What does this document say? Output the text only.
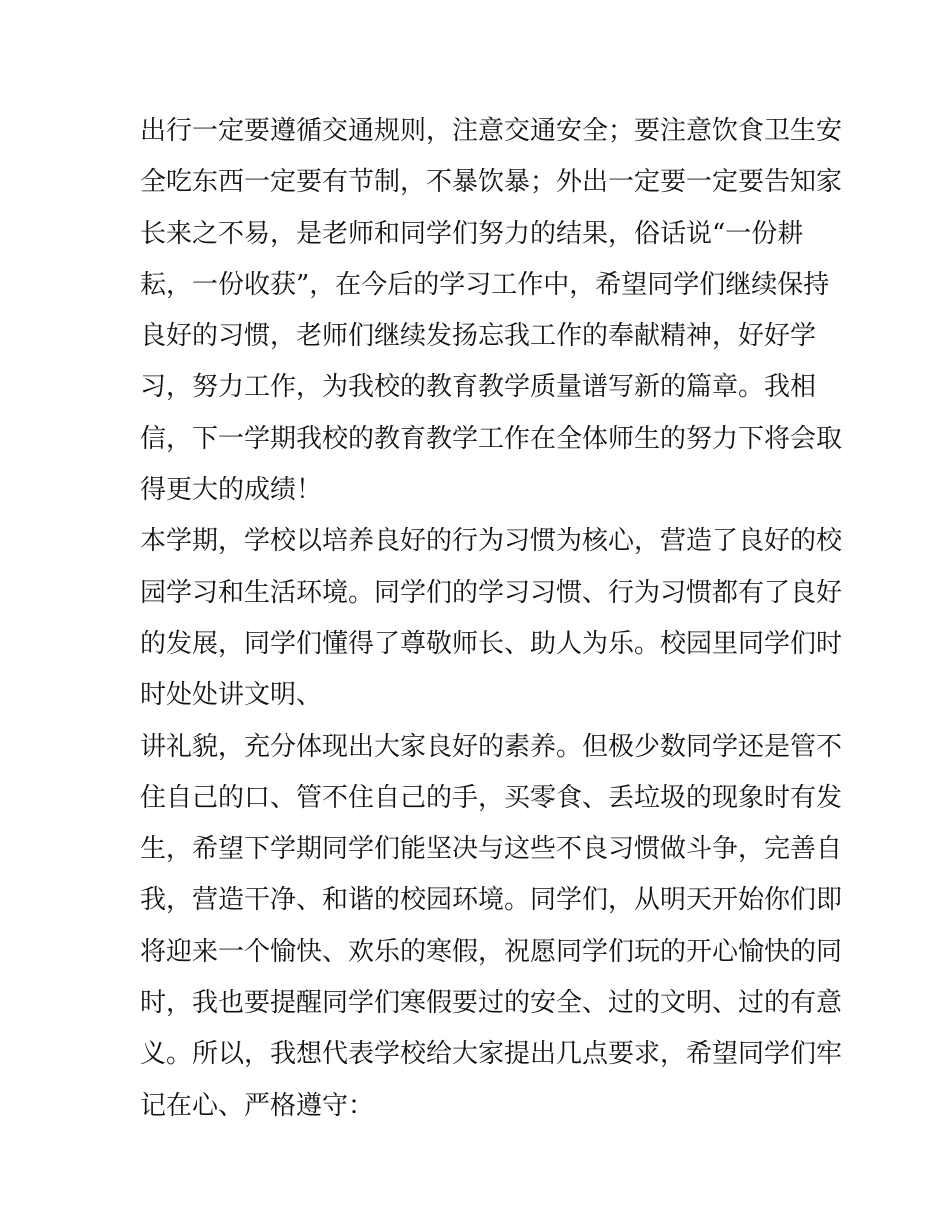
出行一定要遵循交通规则，注意交通安全；要注意饮食卫生安
全吃东西一定要有节制，不暴饮暴；外出一定要一定要告知家
长来之不易，是老师和同学们努力的结果，俗话说“一份耕
耘，一份收获”，在今后的学习工作中，希望同学们继续保持
良好的习惯，老师们继续发扬忘我工作的奉献精神，好好学
习，努力工作，为我校的教育教学质量谱写新的篇章。我相
信，下一学期我校的教育教学工作在全体师生的努力下将会取
得更大的成绩！
本学期，学校以培养良好的行为习惯为核心，营造了良好的校
园学习和生活环境。同学们的学习习惯、行为习惯都有了良好
的发展，同学们懂得了尊敬师长、助人为乐。校园里同学们时
时处处讲文明、
讲礼貌，充分体现出大家良好的素养。但极少数同学还是管不
住自己的口、管不住自己的手，买零食、丢垃圾的现象时有发
生，希望下学期同学们能坚决与这些不良习惯做斗争，完善自
我，营造干净、和谐的校园环境。同学们，从明天开始你们即
将迎来一个愉快、欢乐的寒假，祝愿同学们玩的开心愉快的同
时，我也要提醒同学们寒假要过的安全、过的文明、过的有意
义。所以，我想代表学校给大家提出几点要求，希望同学们牢
记在心、严格遵守：
